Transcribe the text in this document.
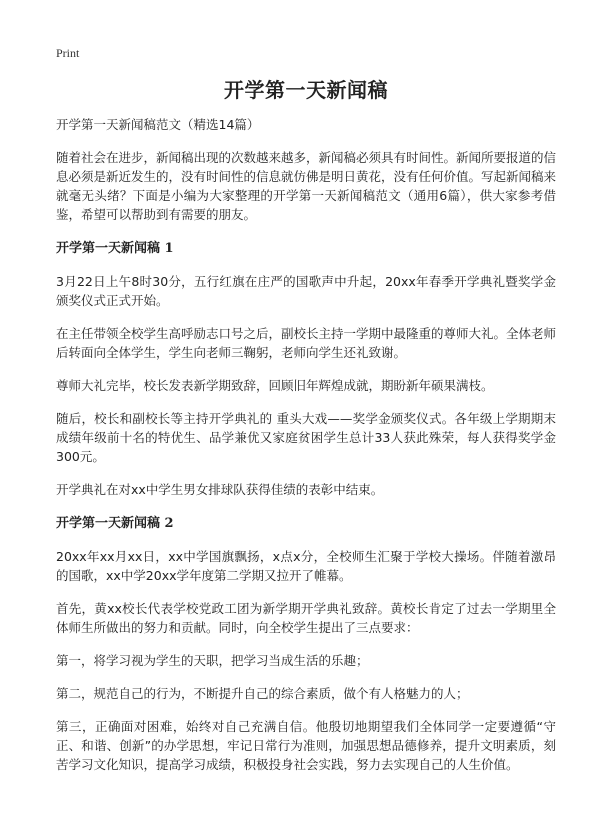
Print
开学第一天新闻稿
开学第一天新闻稿范文（精选14篇）

随着社会在进步，新闻稿出现的次数越来越多，新闻稿必须具有时间性。新闻所要报道的信息必须是新近发生的，没有时间性的信息就仿佛是明日黄花，没有任何价值。写起新闻稿来就毫无头绪？下面是小编为大家整理的开学第一天新闻稿范文（通用6篇），供大家参考借鉴，希望可以帮助到有需要的朋友。

开学第一天新闻稿 1

3月22日上午8时30分，五行红旗在庄严的国歌声中升起，20xx年春季开学典礼暨奖学金颁奖仪式正式开始。

在主任带领全校学生高呼励志口号之后，副校长主持一学期中最隆重的尊师大礼。全体老师后转面向全体学生，学生向老师三鞠躬，老师向学生还礼致谢。

尊师大礼完毕，校长发表新学期致辞，回顾旧年辉煌成就，期盼新年硕果满枝。

随后，校长和副校长等主持开学典礼的 重头大戏——奖学金颁奖仪式。各年级上学期期末成绩年级前十名的特优生、品学兼优又家庭贫困学生总计33人获此殊荣，每人获得奖学金300元。

开学典礼在对xx中学生男女排球队获得佳绩的表彰中结束。

开学第一天新闻稿 2

20xx年xx月xx日，xx中学国旗飘扬，x点x分，全校师生汇聚于学校大操场。伴随着激昂的国歌，xx中学20xx学年度第二学期又拉开了帷幕。

首先，黄xx校长代表学校党政工团为新学期开学典礼致辞。黄校长肯定了过去一学期里全体师生所做出的努力和贡献。同时，向全校学生提出了三点要求：

第一，将学习视为学生的天职，把学习当成生活的乐趣；

第二，规范自己的行为，不断提升自己的综合素质，做个有人格魅力的人；

第三，正确面对困难，始终对自己充满自信。他殷切地期望我们全体同学一定要遵循“守正、和谐、创新”的办学思想，牢记日常行为准则，加强思想品德修养，提升文明素质，刻苦学习文化知识，提高学习成绩，积极投身社会实践，努力去实现自己的人生价值。
